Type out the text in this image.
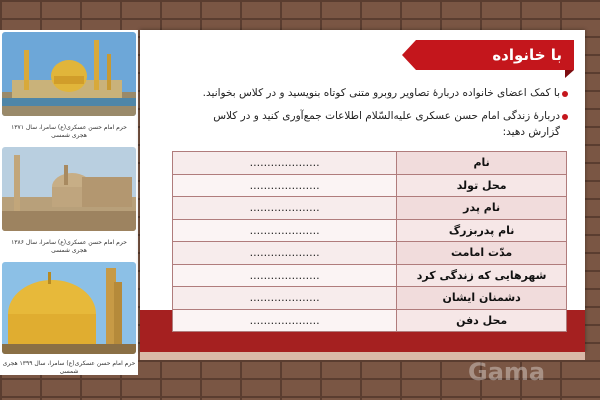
حرم امام حسن عسکری(ع) سامرا، سال ۱۳۷۱
هجری شمسی
حرم امام حسن عسکری(ع) سامرا، سال ۱۳۸۶
هجری شمسی
حرم امام حسن عسکری(ع) سامرا، سال ۱۳۹۹ هجری شمسی
با خانواده
با کمک اعضای خانواده دربارهٔ تصاویر روبرو متنی کوتاه بنویسید و در کلاس بخوانید.
دربارهٔ زندگی امام حسن عسکری علیه‌السّلام اطلاعات جمع‌آوری کنید و در کلاس
گزارش دهید:
نام	....................
محل تولد	....................
نام پدر	....................
نام پدربزرگ	....................
مدّت امامت	....................
شهرهایی که زندگی کرد	....................
دشمنان ایشان	....................
محل دفن	....................
Gama
